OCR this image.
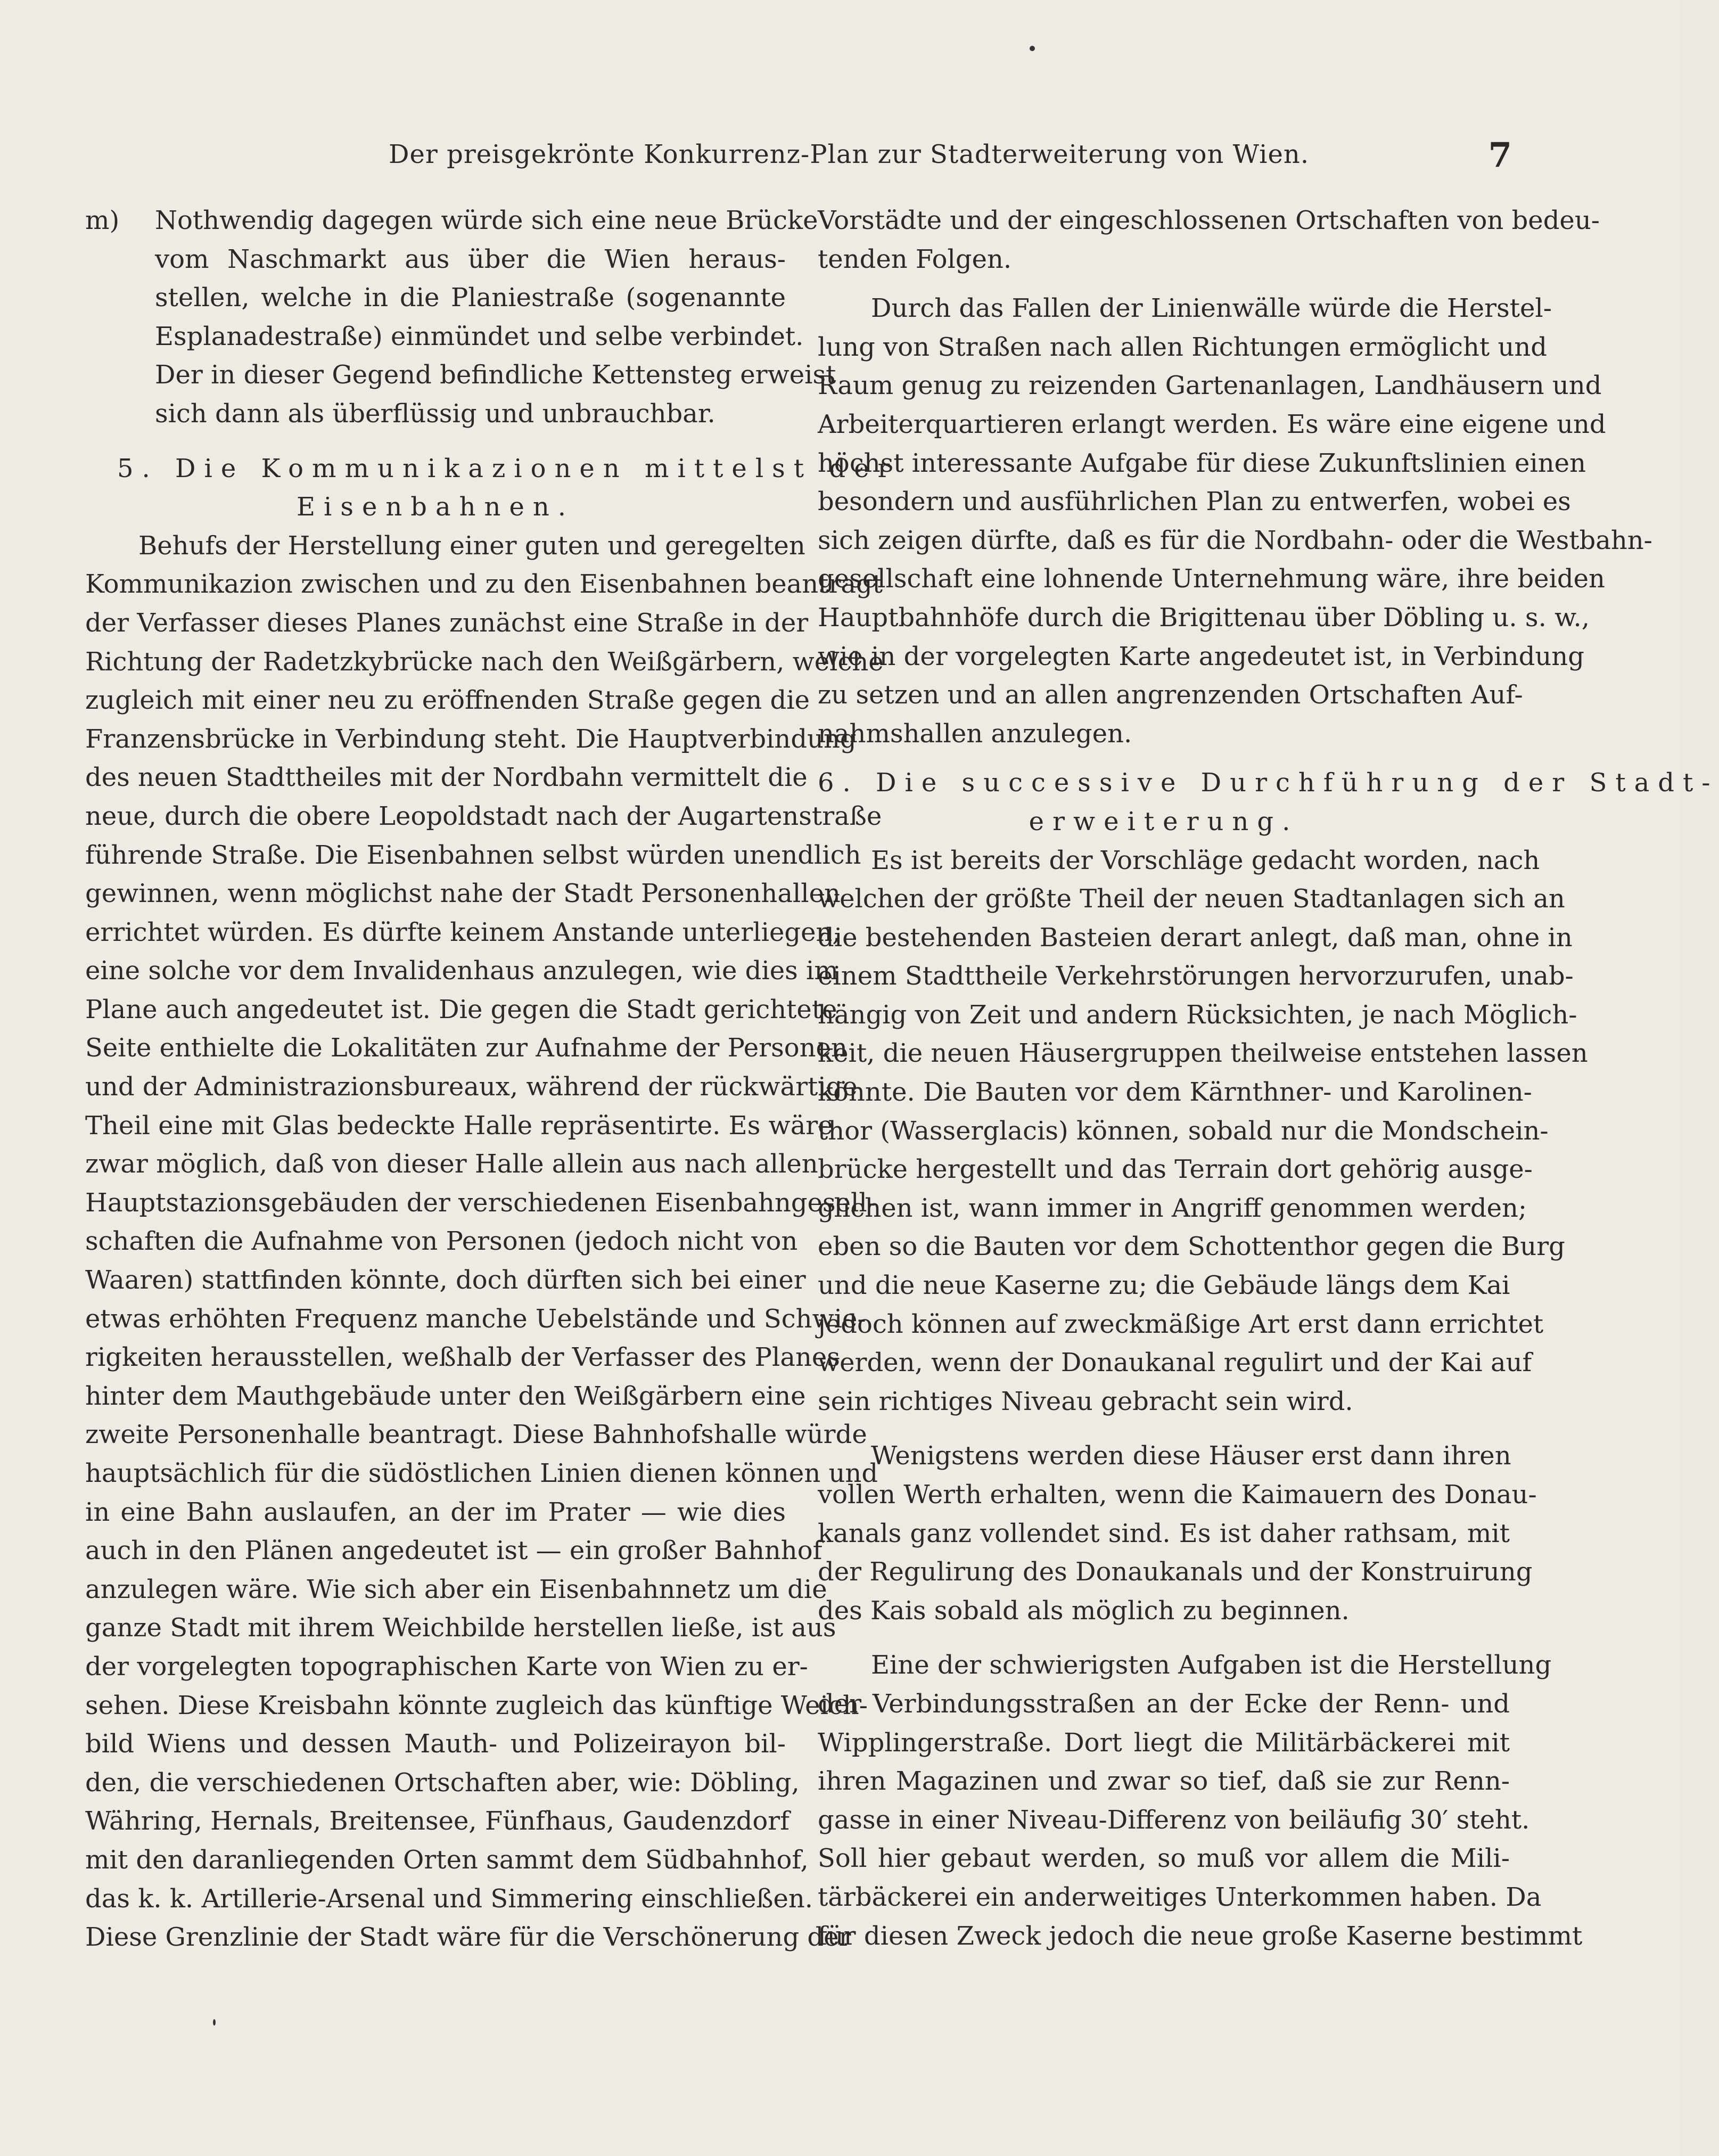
Der preisgekrönte Konkurrenz-Plan zur Stadterweiterung von Wien.	7
m) Nothwendig dagegen würde sich eine neue Brücke
vom Naschmarkt aus über die Wien heraus-
stellen, welche in die Planiestraße (sogenannte
Esplanadestraße) einmündet und selbe verbindet.
Der in dieser Gegend befindliche Kettensteg erweist
sich dann als überflüssig und unbrauchbar.
5. Die Kommunikazionen mittelst der
Eisenbahnen.
Behufs der Herstellung einer guten und geregelten
Kommunikazion zwischen und zu den Eisenbahnen beantragt
der Verfasser dieses Planes zunächst eine Straße in der
Richtung der Radetzkybrücke nach den Weißgärbern, welche
zugleich mit einer neu zu eröffnenden Straße gegen die
Franzensbrücke in Verbindung steht. Die Hauptverbindung
des neuen Stadttheiles mit der Nordbahn vermittelt die
neue, durch die obere Leopoldstadt nach der Augartenstraße
führende Straße. Die Eisenbahnen selbst würden unendlich
gewinnen, wenn möglichst nahe der Stadt Personenhallen
errichtet würden. Es dürfte keinem Anstande unterliegen,
eine solche vor dem Invalidenhaus anzulegen, wie dies im
Plane auch angedeutet ist. Die gegen die Stadt gerichtete
Seite enthielte die Lokalitäten zur Aufnahme der Personen
und der Administrazionsbureaux, während der rückwärtige
Theil eine mit Glas bedeckte Halle repräsentirte. Es wäre
zwar möglich, daß von dieser Halle allein aus nach allen
Hauptstazionsgebäuden der verschiedenen Eisenbahngesell-
schaften die Aufnahme von Personen (jedoch nicht von
Waaren) stattfinden könnte, doch dürften sich bei einer
etwas erhöhten Frequenz manche Uebelstände und Schwie-
rigkeiten herausstellen, weßhalb der Verfasser des Planes
hinter dem Mauthgebäude unter den Weißgärbern eine
zweite Personenhalle beantragt. Diese Bahnhofshalle würde
hauptsächlich für die südöstlichen Linien dienen können und
in eine Bahn auslaufen, an der im Prater — wie dies
auch in den Plänen angedeutet ist — ein großer Bahnhof
anzulegen wäre. Wie sich aber ein Eisenbahnnetz um die
ganze Stadt mit ihrem Weichbilde herstellen ließe, ist aus
der vorgelegten topographischen Karte von Wien zu er-
sehen. Diese Kreisbahn könnte zugleich das künftige Weich-
bild Wiens und dessen Mauth- und Polizeirayon bil-
den, die verschiedenen Ortschaften aber, wie: Döbling,
Währing, Hernals, Breitensee, Fünfhaus, Gaudenzdorf
mit den daranliegenden Orten sammt dem Südbahnhof,
das k. k. Artillerie-Arsenal und Simmering einschließen.
Diese Grenzlinie der Stadt wäre für die Verschönerung der
Vorstädte und der eingeschlossenen Ortschaften von bedeu-
tenden Folgen.
Durch das Fallen der Linienwälle würde die Herstel-
lung von Straßen nach allen Richtungen ermöglicht und
Raum genug zu reizenden Gartenanlagen, Landhäusern und
Arbeiterquartieren erlangt werden. Es wäre eine eigene und
höchst interessante Aufgabe für diese Zukunftslinien einen
besondern und ausführlichen Plan zu entwerfen, wobei es
sich zeigen dürfte, daß es für die Nordbahn- oder die Westbahn-
gesellschaft eine lohnende Unternehmung wäre, ihre beiden
Hauptbahnhöfe durch die Brigittenau über Döbling u. s. w.,
wie in der vorgelegten Karte angedeutet ist, in Verbindung
zu setzen und an allen angrenzenden Ortschaften Auf-
nahmshallen anzulegen.
6. Die successive Durchführung der Stadt-
erweiterung.
Es ist bereits der Vorschläge gedacht worden, nach
welchen der größte Theil der neuen Stadtanlagen sich an
die bestehenden Basteien derart anlegt, daß man, ohne in
einem Stadttheile Verkehrstörungen hervorzurufen, unab-
hängig von Zeit und andern Rücksichten, je nach Möglich-
keit, die neuen Häusergruppen theilweise entstehen lassen
könnte. Die Bauten vor dem Kärnthner- und Karolinen-
thor (Wasserglacis) können, sobald nur die Mondschein-
brücke hergestellt und das Terrain dort gehörig ausge-
glichen ist, wann immer in Angriff genommen werden;
eben so die Bauten vor dem Schottenthor gegen die Burg
und die neue Kaserne zu; die Gebäude längs dem Kai
jedoch können auf zweckmäßige Art erst dann errichtet
werden, wenn der Donaukanal regulirt und der Kai auf
sein richtiges Niveau gebracht sein wird.
Wenigstens werden diese Häuser erst dann ihren
vollen Werth erhalten, wenn die Kaimauern des Donau-
kanals ganz vollendet sind. Es ist daher rathsam, mit
der Regulirung des Donaukanals und der Konstruirung
des Kais sobald als möglich zu beginnen.
Eine der schwierigsten Aufgaben ist die Herstellung
der Verbindungsstraßen an der Ecke der Renn- und
Wipplingerstraße. Dort liegt die Militärbäckerei mit
ihren Magazinen und zwar so tief, daß sie zur Renn-
gasse in einer Niveau-Differenz von beiläufig 30′ steht.
Soll hier gebaut werden, so muß vor allem die Mili-
tärbäckerei ein anderweitiges Unterkommen haben. Da
für diesen Zweck jedoch die neue große Kaserne bestimmt
